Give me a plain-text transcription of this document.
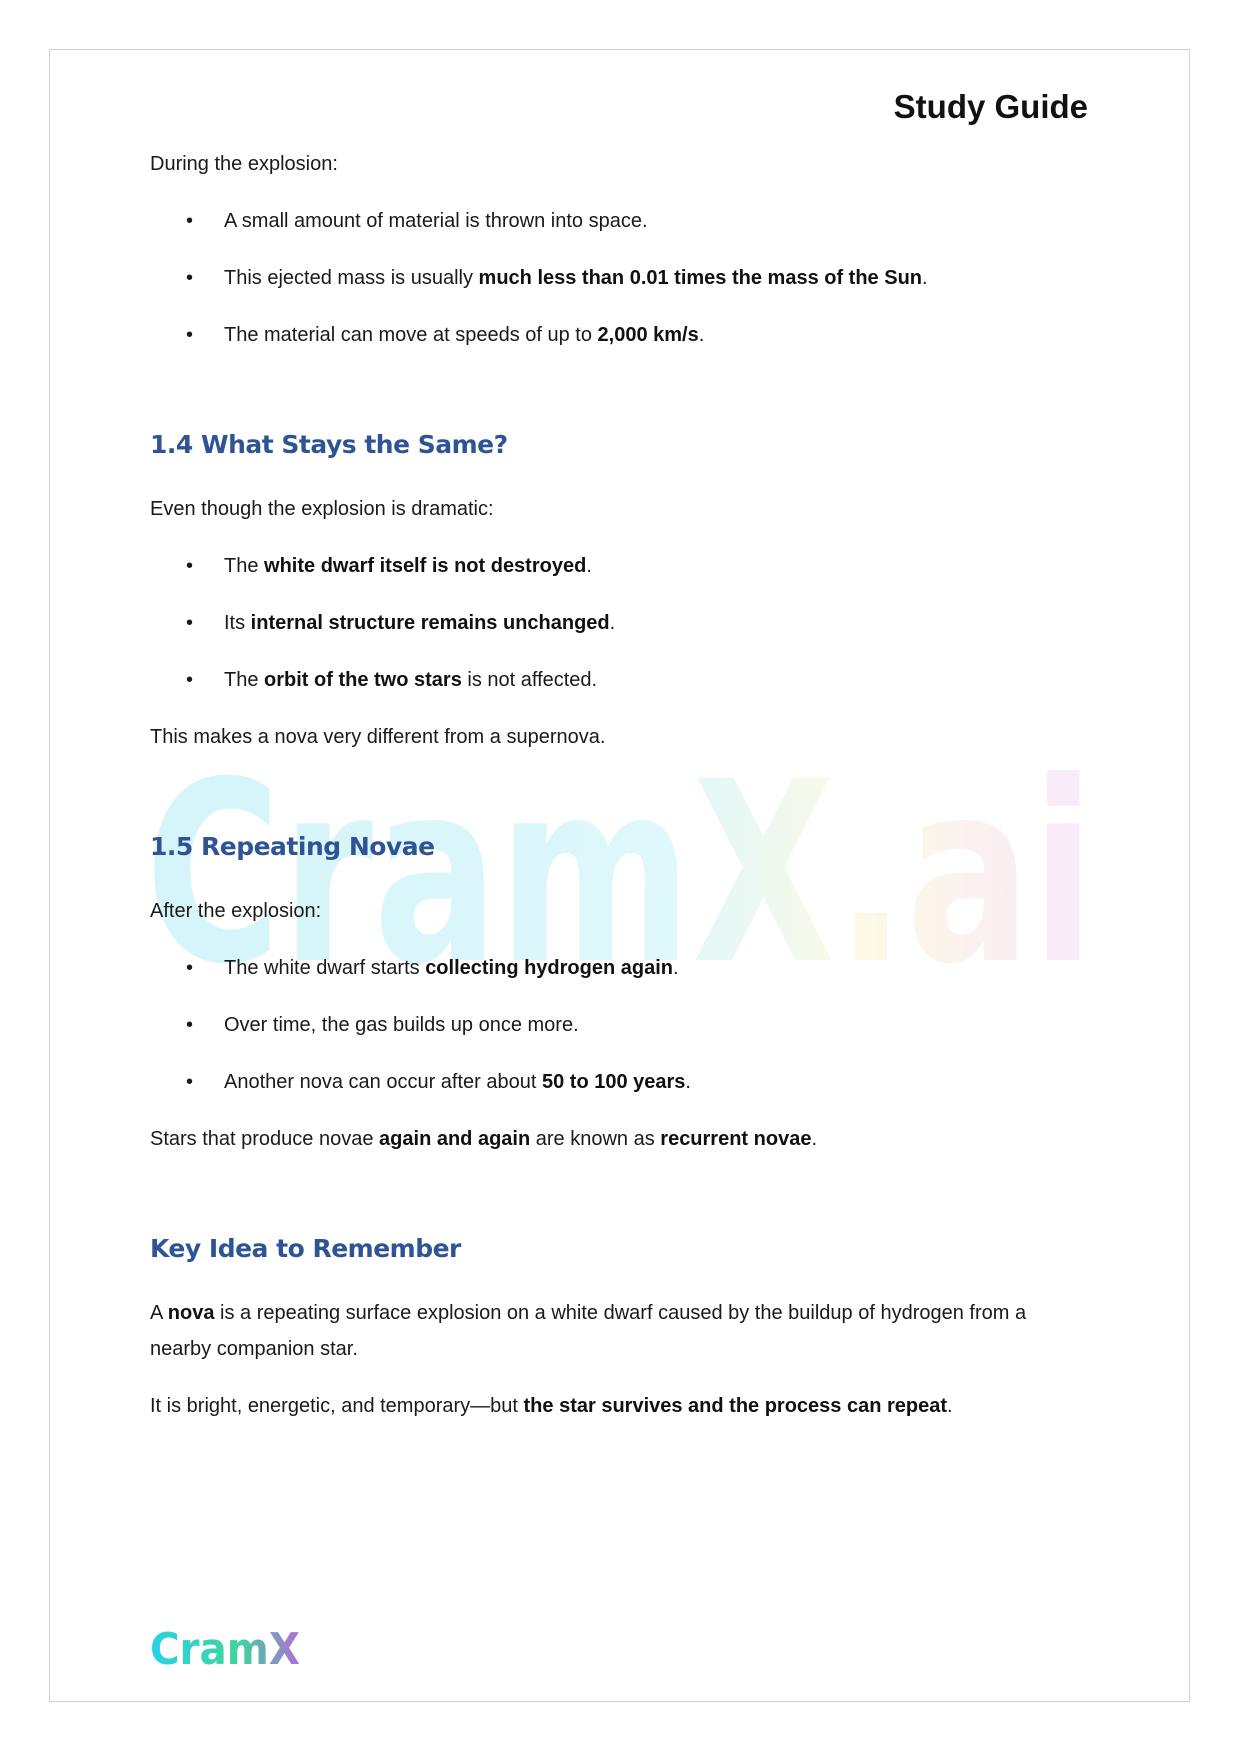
Study Guide
CramX.ai

During the explosion:

• A small amount of material is thrown into space.
• This ejected mass is usually much less than 0.01 times the mass of the Sun.
• The material can move at speeds of up to 2,000 km/s.
1.4 What Stays the Same?

Even though the explosion is dramatic:

• The white dwarf itself is not destroyed.
• Its internal structure remains unchanged.
• The orbit of the two stars is not affected.

This makes a nova very different from a supernova.

1.5 Repeating Novae

After the explosion:

• The white dwarf starts collecting hydrogen again.
• Over time, the gas builds up once more.
• Another nova can occur after about 50 to 100 years.

Stars that produce novae again and again are known as recurrent novae.

Key Idea to Remember

A nova is a repeating surface explosion on a white dwarf caused by the buildup of hydrogen from a nearby companion star.

It is bright, energetic, and temporary—but the star survives and the process can repeat.

CramX
